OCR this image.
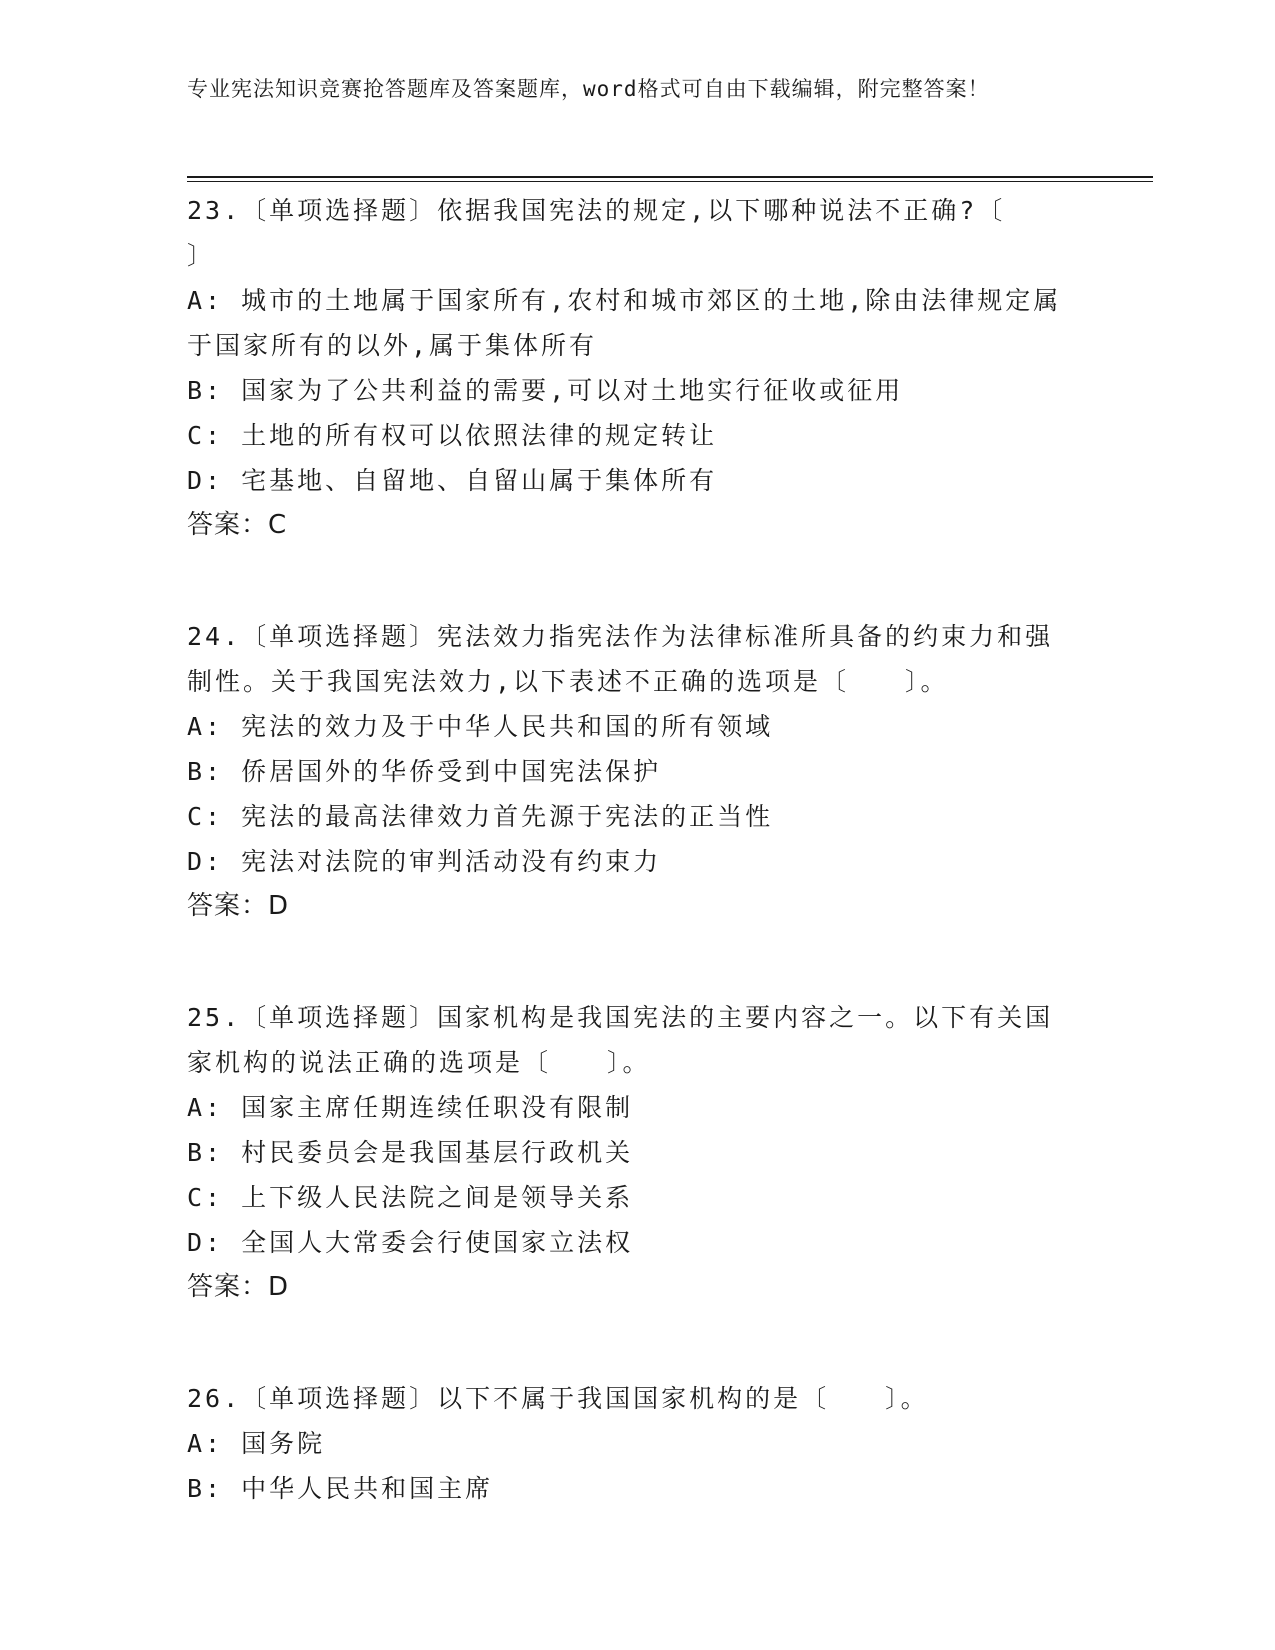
专业宪法知识竞赛抢答题库及答案题库，word格式可自由下载编辑，附完整答案！
23.〔单项选择题〕依据我国宪法的规定,以下哪种说法不正确?〔　　〕
A: 城市的土地属于国家所有,农村和城市郊区的土地,除由法律规定属于国家所有的以外,属于集体所有
B: 国家为了公共利益的需要,可以对土地实行征收或征用
C: 土地的所有权可以依照法律的规定转让
D: 宅基地、自留地、自留山属于集体所有
答案：C
24.〔单项选择题〕宪法效力指宪法作为法律标准所具备的约束力和强制性。关于我国宪法效力,以下表述不正确的选项是〔　　〕。
A: 宪法的效力及于中华人民共和国的所有领域
B: 侨居国外的华侨受到中国宪法保护
C: 宪法的最高法律效力首先源于宪法的正当性
D: 宪法对法院的审判活动没有约束力
答案：D
25.〔单项选择题〕国家机构是我国宪法的主要内容之一。以下有关国家机构的说法正确的选项是〔　　〕。
A: 国家主席任期连续任职没有限制
B: 村民委员会是我国基层行政机关
C: 上下级人民法院之间是领导关系
D: 全国人大常委会行使国家立法权
答案：D
26.〔单项选择题〕以下不属于我国国家机构的是〔　　〕。
A: 国务院
B: 中华人民共和国主席
